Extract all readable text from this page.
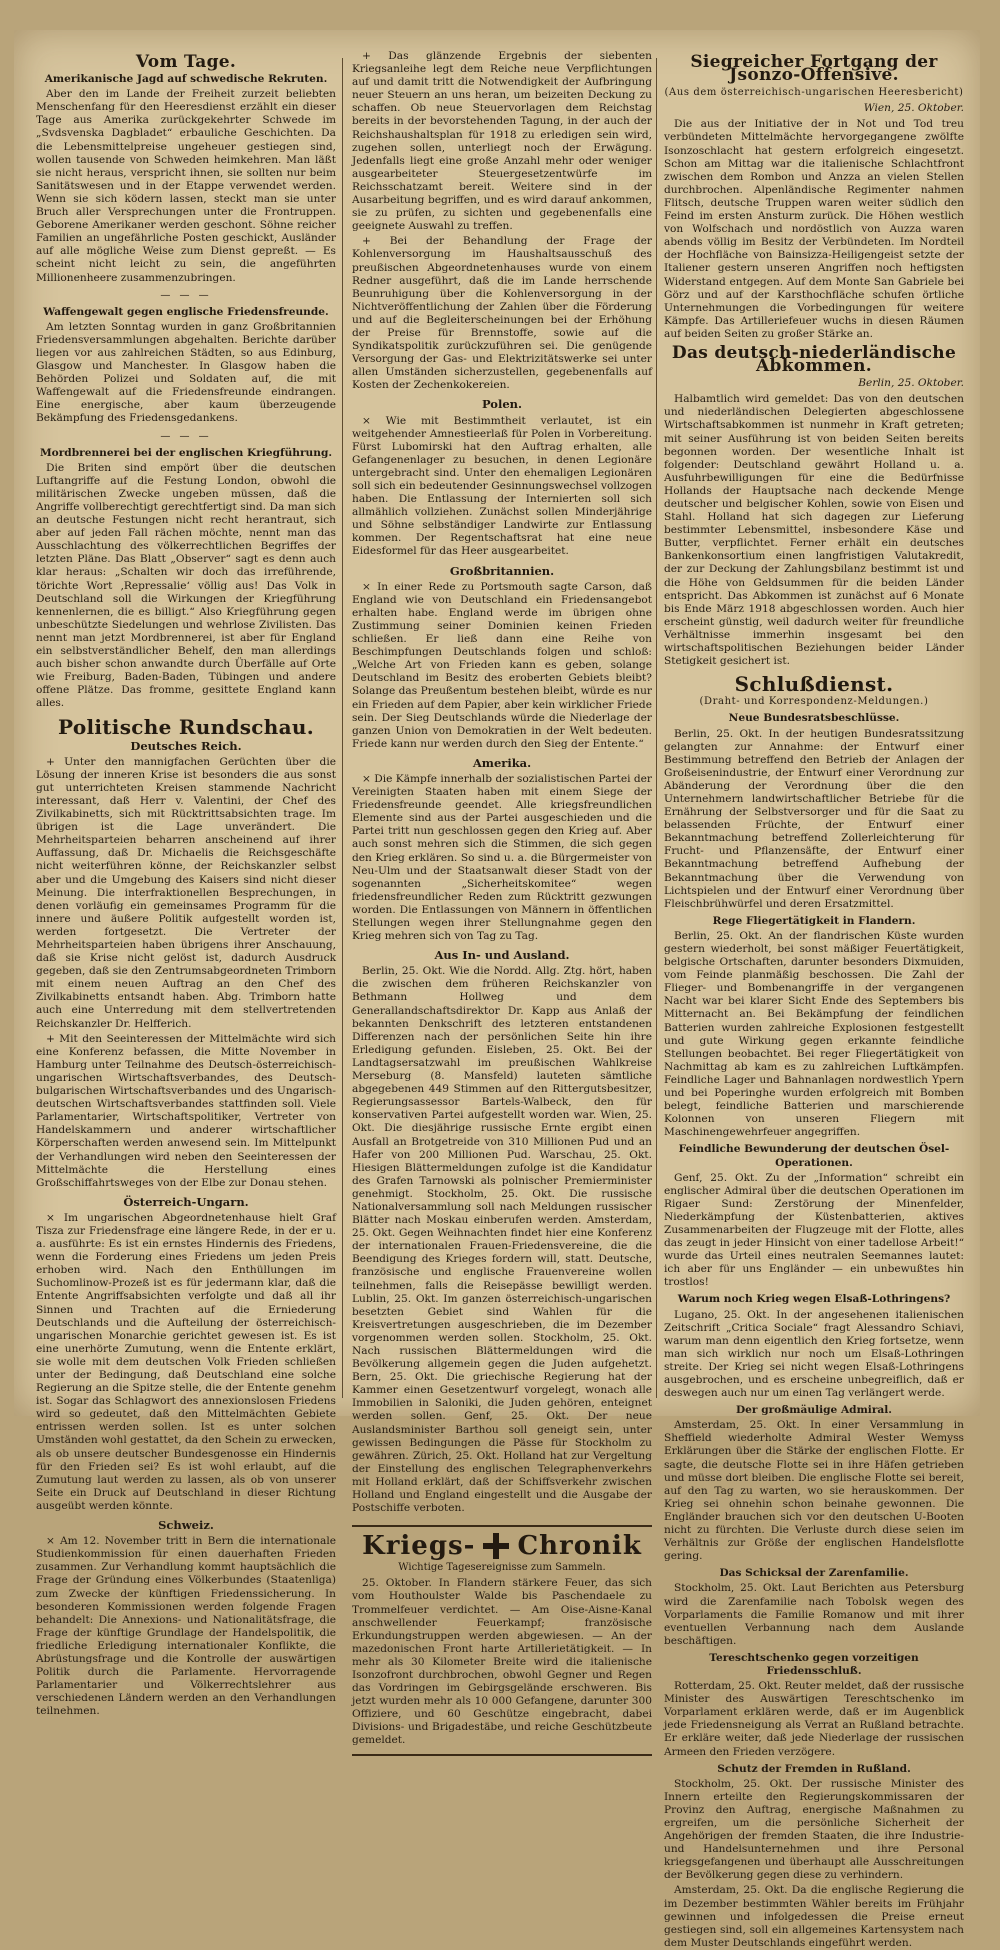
Vom Tage.
Amerikanische Jagd auf schwedische Rekruten.

Aber den im Lande der Freiheit zurzeit beliebten Menschenfang für den Heeresdienst erzählt ein dieser Tage aus Amerika zurückgekehrter Schwede im „Svdsvenska Dagbladet“ erbauliche Geschichten. Da die Lebensmittelpreise ungeheuer gestiegen sind, wollen tausende von Schweden heimkehren. Man läßt sie nicht heraus, verspricht ihnen, sie sollten nur beim Sanitätswesen und in der Etappe verwendet werden. Wenn sie sich ködern lassen, steckt man sie unter Bruch aller Versprechungen unter die Frontruppen. Geborene Amerikaner werden geschont. Söhne reicher Familien an ungefährliche Posten geschickt, Ausländer auf alle mögliche Weise zum Dienst gepreßt. — Es scheint nicht leicht zu sein, die angeführten Millionenheere zusammenzubringen.

— — —
Waffengewalt gegen englische Friedensfreunde.

Am letzten Sonntag wurden in ganz Großbritannien Friedensversammlungen abgehalten. Berichte darüber liegen vor aus zahlreichen Städten, so aus Edinburg, Glasgow und Manchester. In Glasgow haben die Behörden Polizei und Soldaten auf, die mit Waffengewalt auf die Friedensfreunde eindrangen. Eine energische, aber kaum überzeugende Bekämpfung des Friedensgedankens.

— — —
Mordbrennerei bei der englischen Kriegführung.

Die Briten sind empört über die deutschen Luftangriffe auf die Festung London, obwohl die militärischen Zwecke ungeben müssen, daß die Angriffe vollberechtigt gerechtfertigt sind. Da man sich an deutsche Festungen nicht recht herantraut, sich aber auf jeden Fall rächen möchte, nennt man das Ausschlachtung des völkerrechtlichen Begriffes der letzten Pläne. Das Blatt „Observer“ sagt es denn auch klar heraus: „Schalten wir doch das irreführende, törichte Wort ‚Repressalie‘ völlig aus! Das Volk in Deutschland soll die Wirkungen der Kriegführung kennenlernen, die es billigt.“ Also Kriegführung gegen unbeschützte Siedelungen und wehrlose Zivilisten. Das nennt man jetzt Mordbrennerei, ist aber für England ein selbstverständlicher Behelf, den man allerdings auch bisher schon anwandte durch Überfälle auf Orte wie Freiburg, Baden-Baden, Tübingen und andere offene Plätze. Das fromme, gesittete England kann alles.

Politische Rundschau.
Deutsches Reich.

+ Unter den mannigfachen Gerüchten über die Lösung der inneren Krise ist besonders die aus sonst gut unterrichteten Kreisen stammende Nachricht interessant, daß Herr v. Valentini, der Chef des Zivilkabinetts, sich mit Rücktrittsabsichten trage. Im übrigen ist die Lage unverändert. Die Mehrheitsparteien beharren anscheinend auf ihrer Auffassung, daß Dr. Michaelis die Reichsgeschäfte nicht weiterführen könne, der Reichskanzler selbst aber und die Umgebung des Kaisers sind nicht dieser Meinung. Die interfraktionellen Besprechungen, in denen vorläufig ein gemeinsames Programm für die innere und äußere Politik aufgestellt worden ist, werden fortgesetzt. Die Vertreter der Mehrheitsparteien haben übrigens ihrer Anschauung, daß sie Krise nicht gelöst ist, dadurch Ausdruck gegeben, daß sie den Zentrumsabgeordneten Trimborn mit einem neuen Auftrag an den Chef des Zivilkabinetts entsandt haben. Abg. Trimborn hatte auch eine Unterredung mit dem stellvertretenden Reichskanzler Dr. Helfferich.

+ Mit den Seeinteressen der Mittelmächte wird sich eine Konferenz befassen, die Mitte November in Hamburg unter Teilnahme des Deutsch-österreichisch-ungarischen Wirtschaftsverbandes, des Deutsch-bulgarischen Wirtschaftsverbandes und des Ungarisch-deutschen Wirtschaftsverbandes stattfinden soll. Viele Parlamentarier, Wirtschaftspolitiker, Vertreter von Handelskammern und anderer wirtschaftlicher Körperschaften werden anwesend sein. Im Mittelpunkt der Verhandlungen wird neben den Seeinteressen der Mittelmächte die Herstellung eines Großschiffahrtsweges von der Elbe zur Donau stehen.

Österreich-Ungarn.

× Im ungarischen Abgeordnetenhause hielt Graf Tisza zur Friedensfrage eine längere Rede, in der er u. a. ausführte: Es ist ein ernstes Hindernis des Friedens, wenn die Forderung eines Friedens um jeden Preis erhoben wird. Nach den Enthüllungen im Suchomlinow-Prozeß ist es für jedermann klar, daß die Entente Angriffsabsichten verfolgte und daß all ihr Sinnen und Trachten auf die Erniederung Deutschlands und die Aufteilung der österreichisch-ungarischen Monarchie gerichtet gewesen ist. Es ist eine unerhörte Zumutung, wenn die Entente erklärt, sie wolle mit dem deutschen Volk Frieden schließen unter der Bedingung, daß Deutschland eine solche Regierung an die Spitze stelle, die der Entente genehm ist. Sogar das Schlagwort des annexionslosen Friedens wird so gedeutet, daß den Mittelmächten Gebiete entrissen werden sollen. Ist es unter solchen Umständen wohl gestattet, da den Schein zu erwecken, als ob unsere deutscher Bundesgenosse ein Hindernis für den Frieden sei? Es ist wohl erlaubt, auf die Zumutung laut werden zu lassen, als ob von unserer Seite ein Druck auf Deutschland in dieser Richtung ausgeübt werden könnte.

Schweiz.

× Am 12. November tritt in Bern die internationale Studienkommission für einen dauerhaften Frieden zusammen. Zur Verhandlung kommt hauptsächlich die Frage der Gründung eines Völkerbundes (Staatenliga) zum Zwecke der künftigen Friedenssicherung. In besonderen Kommissionen werden folgende Fragen behandelt: Die Annexions- und Nationalitätsfrage, die Frage der künftige Grundlage der Handelspolitik, die friedliche Erledigung internationaler Konflikte, die Abrüstungsfrage und die Kontrolle der auswärtigen Politik durch die Parlamente. Hervorragende Parlamentarier und Völkerrechtslehrer aus verschiedenen Ländern werden an den Verhandlungen teilnehmen.

+ Das glänzende Ergebnis der siebenten Kriegsanleihe legt dem Reiche neue Verpflichtungen auf und damit tritt die Notwendigkeit der Aufbringung neuer Steuern an uns heran, um beizeiten Deckung zu schaffen. Ob neue Steuervorlagen dem Reichstag bereits in der bevorstehenden Tagung, in der auch der Reichshaushaltsplan für 1918 zu erledigen sein wird, zugehen sollen, unterliegt noch der Erwägung. Jedenfalls liegt eine große Anzahl mehr oder weniger ausgearbeiteter Steuergesetzentwürfe im Reichsschatzamt bereit. Weitere sind in der Ausarbeitung begriffen, und es wird darauf ankommen, sie zu prüfen, zu sichten und gegebenenfalls eine geeignete Auswahl zu treffen.

+ Bei der Behandlung der Frage der Kohlenversorgung im Haushaltsausschuß des preußischen Abgeordnetenhauses wurde von einem Redner ausgeführt, daß die im Lande herrschende Beunruhigung über die Kohlenversorgung in der Nichtveröffentlichung der Zahlen über die Förderung und auf die Begleiterscheinungen bei der Erhöhung der Preise für Brennstoffe, sowie auf die Syndikatspolitik zurückzuführen sei. Die genügende Versorgung der Gas- und Elektrizitätswerke sei unter allen Umständen sicherzustellen, gegebenenfalls auf Kosten der Zechenkokereien.

Polen.

× Wie mit Bestimmtheit verlautet, ist ein weitgehender Amnestieerlaß für Polen in Vorbereitung. Fürst Lubomirski hat den Auftrag erhalten, alle Gefangenenlager zu besuchen, in denen Legionäre untergebracht sind. Unter den ehemaligen Legionären soll sich ein bedeutender Gesinnungswechsel vollzogen haben. Die Entlassung der Internierten soll sich allmählich vollziehen. Zunächst sollen Minderjährige und Söhne selbständiger Landwirte zur Entlassung kommen. Der Regentschaftsrat hat eine neue Eidesformel für das Heer ausgearbeitet.

Großbritannien.

× In einer Rede zu Portsmouth sagte Carson, daß England wie von Deutschland ein Friedensangebot erhalten habe. England werde im übrigen ohne Zustimmung seiner Dominien keinen Frieden schließen. Er ließ dann eine Reihe von Beschimpfungen Deutschlands folgen und schloß: „Welche Art von Frieden kann es geben, solange Deutschland im Besitz des eroberten Gebiets bleibt? Solange das Preußentum bestehen bleibt, würde es nur ein Frieden auf dem Papier, aber kein wirklicher Friede sein. Der Sieg Deutschlands würde die Niederlage der ganzen Union von Demokratien in der Welt bedeuten. Friede kann nur werden durch den Sieg der Entente.“

Amerika.

× Die Kämpfe innerhalb der sozialistischen Partei der Vereinigten Staaten haben mit einem Siege der Friedensfreunde geendet. Alle kriegsfreundlichen Elemente sind aus der Partei ausgeschieden und die Partei tritt nun geschlossen gegen den Krieg auf. Aber auch sonst mehren sich die Stimmen, die sich gegen den Krieg erklären. So sind u. a. die Bürgermeister von Neu-Ulm und der Staatsanwalt dieser Stadt von der sogenannten „Sicherheitskomitee“ wegen friedensfreundlicher Reden zum Rücktritt gezwungen worden. Die Entlassungen von Männern in öffentlichen Stellungen wegen ihrer Stellungnahme gegen den Krieg mehren sich von Tag zu Tag.

Aus In- und Ausland.

Berlin, 25. Okt. Wie die Nordd. Allg. Ztg. hört, haben die zwischen dem früheren Reichskanzler von Bethmann Hollweg und dem Generallandschaftsdirektor Dr. Kapp aus Anlaß der bekannten Denkschrift des letzteren entstandenen Differenzen nach der persönlichen Seite hin ihre Erledigung gefunden. Eisleben, 25. Okt. Bei der Landtagsersatzwahl im preußischen Wahlkreise Merseburg (8. Mansfeld) lauteten sämtliche abgegebenen 449 Stimmen auf den Rittergutsbesitzer, Regierungsassessor Bartels-Walbeck, den für konservativen Partei aufgestellt worden war. Wien, 25. Okt. Die diesjährige russische Ernte ergibt einen Ausfall an Brotgetreide von 310 Millionen Pud und an Hafer von 200 Millionen Pud. Warschau, 25. Okt. Hiesigen Blättermeldungen zufolge ist die Kandidatur des Grafen Tarnowski als polnischer Premierminister genehmigt. Stockholm, 25. Okt. Die russische Nationalversammlung soll nach Meldungen russischer Blätter nach Moskau einberufen werden. Amsterdam, 25. Okt. Gegen Weihnachten findet hier eine Konferenz der internationalen Frauen-Friedensvereine, die die Beendigung des Krieges fordern will, statt. Deutsche, französische und englische Frauenvereine wollen teilnehmen, falls die Reisepässe bewilligt werden. Lublin, 25. Okt. Im ganzen österreichisch-ungarischen besetzten Gebiet sind Wahlen für die Kreisvertretungen ausgeschrieben, die im Dezember vorgenommen werden sollen. Stockholm, 25. Okt. Nach russischen Blättermeldungen wird die Bevölkerung allgemein gegen die Juden aufgehetzt. Bern, 25. Okt. Die griechische Regierung hat der Kammer einen Gesetzentwurf vorgelegt, wonach alle Immobilien in Saloniki, die Juden gehören, enteignet werden sollen. Genf, 25. Okt. Der neue Auslandsminister Barthou soll geneigt sein, unter gewissen Bedingungen die Pässe für Stockholm zu gewähren. Zürich, 25. Okt. Holland hat zur Vergeltung der Einstellung des englischen Telegraphenverkehrs mit Holland erklärt, daß der Schiffsverkehr zwischen Holland und England eingestellt und die Ausgabe der Postschiffe verboten.

Kriegs- Chronik
Wichtige Tagesereignisse zum Sammeln.

25. Oktober. In Flandern stärkere Feuer, das sich vom Houthoulster Walde bis Paschendaele zu Trommelfeuer verdichtet. — Am Oise-Aisne-Kanal anschwellender Feuerkampf; französische Erkundungstruppen werden abgewiesen. — An der mazedonischen Front harte Artillerietätigkeit. — In mehr als 30 Kilometer Breite wird die italienische Isonzofront durchbrochen, obwohl Gegner und Regen das Vordringen im Gebirgsgelände erschweren. Bis jetzt wurden mehr als 10 000 Gefangene, darunter 300 Offiziere, und 60 Geschütze eingebracht, dabei Divisions- und Brigadestäbe, und reiche Geschützbeute gemeldet.

Siegreicher Fortgang der Jsonzo-Offensive.
(Aus dem österreichisch-ungarischen Heeresbericht)
Wien, 25. Oktober.

Die aus der Initiative der in Not und Tod treu verbündeten Mittelmächte hervorgegangene zwölfte Isonzoschlacht hat gestern erfolgreich eingesetzt. Schon am Mittag war die italienische Schlachtfront zwischen dem Rombon und Anzza an vielen Stellen durchbrochen. Alpenländische Regimenter nahmen Flitsch, deutsche Truppen waren weiter südlich den Feind im ersten Ansturm zurück. Die Höhen westlich von Wolfschach und nordöstlich von Auzza waren abends völlig im Besitz der Verbündeten. Im Nordteil der Hochfläche von Bainsizza-Heiligengeist setzte der Italiener gestern unseren Angriffen noch heftigsten Widerstand entgegen. Auf dem Monte San Gabriele bei Görz und auf der Karsthochfläche schufen örtliche Unternehmungen die Vorbedingungen für weitere Kämpfe. Das Artilleriefeuer wuchs in diesen Räumen auf beiden Seiten zu großer Stärke an.

Das deutsch-niederländische Abkommen.
Berlin, 25. Oktober.

Halbamtlich wird gemeldet: Das von den deutschen und niederländischen Delegierten abgeschlossene Wirtschaftsabkommen ist nunmehr in Kraft getreten; mit seiner Ausführung ist von beiden Seiten bereits begonnen worden. Der wesentliche Inhalt ist folgender: Deutschland gewährt Holland u. a. Ausfuhrbewilligungen für eine die Bedürfnisse Hollands der Hauptsache nach deckende Menge deutscher und belgischer Kohlen, sowie von Eisen und Stahl. Holland hat sich dagegen zur Lieferung bestimmter Lebensmittel, insbesondere Käse und Butter, verpflichtet. Ferner erhält ein deutsches Bankenkonsortium einen langfristigen Valutakredit, der zur Deckung der Zahlungsbilanz bestimmt ist und die Höhe von Geldsummen für die beiden Länder entspricht. Das Abkommen ist zunächst auf 6 Monate bis Ende März 1918 abgeschlossen worden. Auch hier erscheint günstig, weil dadurch weiter für freundliche Verhältnisse immerhin insgesamt bei den wirtschaftspolitischen Beziehungen beider Länder Stetigkeit gesichert ist.

Schlußdienst.
(Draht- und Korrespondenz-Meldungen.)
Neue Bundesratsbeschlüsse.

Berlin, 25. Okt. In der heutigen Bundesratssitzung gelangten zur Annahme: der Entwurf einer Bestimmung betreffend den Betrieb der Anlagen der Großeisenindustrie, der Entwurf einer Verordnung zur Abänderung der Verordnung über die den Unternehmern landwirtschaftlicher Betriebe für die Ernährung der Selbstversorger und für die Saat zu belassenden Früchte, der Entwurf einer Bekanntmachung betreffend Zollerleichterung für Frucht- und Pflanzensäfte, der Entwurf einer Bekanntmachung betreffend Aufhebung der Bekanntmachung über die Verwendung von Lichtspielen und der Entwurf einer Verordnung über Fleischbrühwürfel und deren Ersatzmittel.

Rege Fliegertätigkeit in Flandern.

Berlin, 25. Okt. An der flandrischen Küste wurden gestern wiederholt, bei sonst mäßiger Feuertätigkeit, belgische Ortschaften, darunter besonders Dixmuiden, vom Feinde planmäßig beschossen. Die Zahl der Flieger- und Bombenangriffe in der vergangenen Nacht war bei klarer Sicht Ende des Septembers bis Mitternacht an. Bei Bekämpfung der feindlichen Batterien wurden zahlreiche Explosionen festgestellt und gute Wirkung gegen erkannte feindliche Stellungen beobachtet. Bei reger Fliegertätigkeit von Nachmittag ab kam es zu zahlreichen Luftkämpfen. Feindliche Lager und Bahnanlagen nordwestlich Ypern und bei Poperinghe wurden erfolgreich mit Bomben belegt, feindliche Batterien und marschierende Kolonnen von unseren Fliegern mit Maschinengewehrfeuer angegriffen.

Feindliche Bewunderung der deutschen Ösel-Operationen.

Genf, 25. Okt. Zu der „Information“ schreibt ein englischer Admiral über die deutschen Operationen im Rigaer Sund: Zerstörung der Minenfelder, Niederkämpfung der Küstenbatterien, aktives Zusammenarbeiten der Flugzeuge mit der Flotte, alles das zeugt in jeder Hinsicht von einer tadellose Arbeit!“ wurde das Urteil eines neutralen Seemannes lautet: ich aber für uns Engländer — ein unbewußtes hin trostlos!

Warum noch Krieg wegen Elsaß-Lothringens?

Lugano, 25. Okt. In der angesehenen italienischen Zeitschrift „Critica Sociale“ fragt Alessandro Schiavi, warum man denn eigentlich den Krieg fortsetze, wenn man sich wirklich nur noch um Elsaß-Lothringen streite. Der Krieg sei nicht wegen Elsaß-Lothringens ausgebrochen, und es erscheine unbegreiflich, daß er deswegen auch nur um einen Tag verlängert werde.

Der großmäulige Admiral.

Amsterdam, 25. Okt. In einer Versammlung in Sheffield wiederholte Admiral Wester Wemyss Erklärungen über die Stärke der englischen Flotte. Er sagte, die deutsche Flotte sei in ihre Häfen getrieben und müsse dort bleiben. Die englische Flotte sei bereit, auf den Tag zu warten, wo sie herauskommen. Der Krieg sei ohnehin schon beinahe gewonnen. Die Engländer brauchen sich vor den deutschen U-Booten nicht zu fürchten. Die Verluste durch diese seien im Verhältnis zur Größe der englischen Handelsflotte gering.

Das Schicksal der Zarenfamilie.

Stockholm, 25. Okt. Laut Berichten aus Petersburg wird die Zarenfamilie nach Tobolsk wegen des Vorparlaments die Familie Romanow und mit ihrer eventuellen Verbannung nach dem Auslande beschäftigen.

Tereschtschenko gegen vorzeitigen Friedensschluß.

Rotterdam, 25. Okt. Reuter meldet, daß der russische Minister des Auswärtigen Tereschtschenko im Vorparlament erklären werde, daß er im Augenblick jede Friedensneigung als Verrat an Rußland betrachte. Er erkläre weiter, daß jede Niederlage der russischen Armeen den Frieden verzögere.

Schutz der Fremden in Rußland.

Stockholm, 25. Okt. Der russische Minister des Innern erteilte den Regierungskommissaren der Provinz den Auftrag, energische Maßnahmen zu ergreifen, um die persönliche Sicherheit der Angehörigen der fremden Staaten, die ihre Industrie- und Handelsunternehmen und ihre Personal kriegsgefangenen und überhaupt alle Ausschreitungen der Bevölkerung gegen diese zu verhindern.

Amsterdam, 25. Okt. Da die englische Regierung die im Dezember bestimmten Wähler bereits im Frühjahr gewinnen und infolgedessen die Preise erneut gestiegen sind, soll ein allgemeines Kartensystem nach dem Muster Deutschlands eingeführt werden.
